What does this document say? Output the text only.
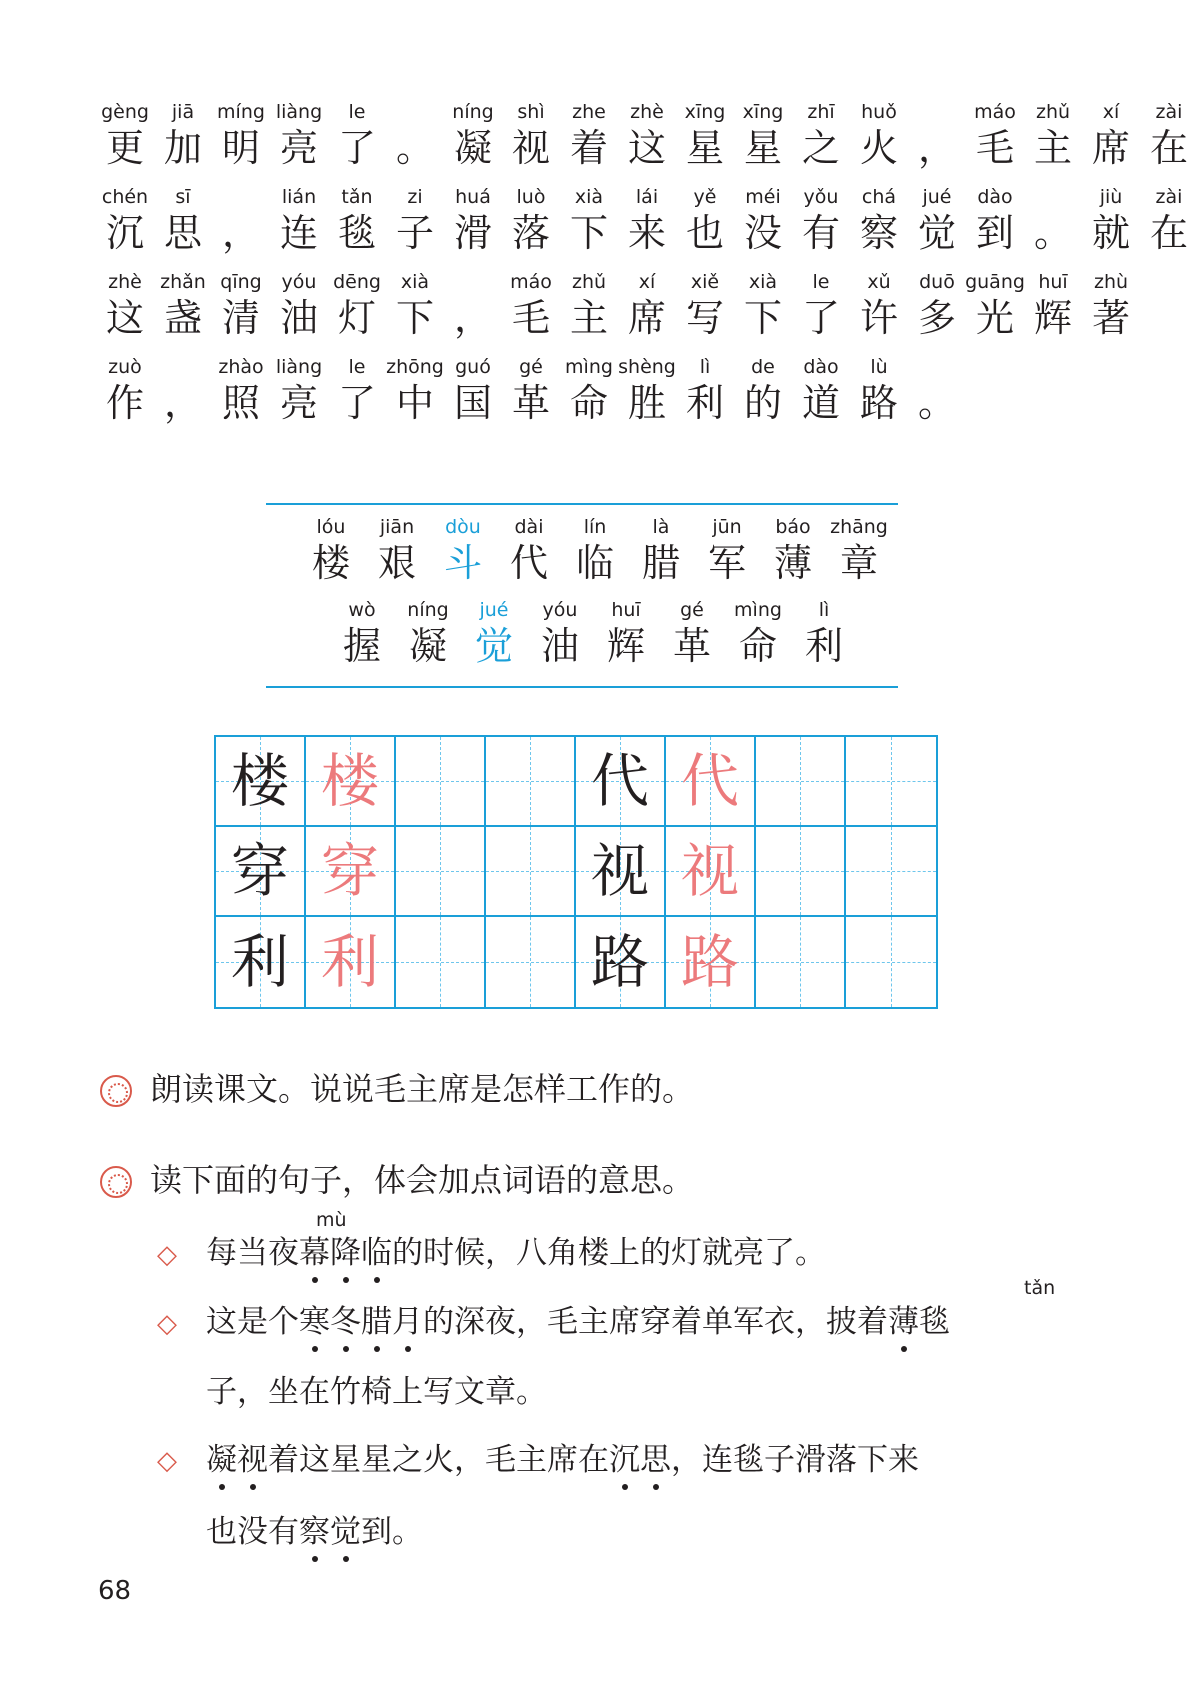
gèng
更
jiā
加
míng
明
liàng
亮
le
了 。
níng
凝
shì
视
zhe
着
zhè
这
xīng
星
xīng
星
zhī
之
huǒ
火 ，
máo
毛
zhǔ
主
xí
席
zài
在
chén
沉
sī
思 ，
lián
连
tǎn
毯
zi
子
huá
滑
luò
落
xià
下
lái
来
yě
也
méi
没
yǒu
有
chá
察
jué
觉
dào
到 。
jiù
就
zài
在
zhè
这
zhǎn
盏
qīng
清
yóu
油
dēng
灯
xià
下 ，
máo
毛
zhǔ
主
xí
席
xiě
写
xià
下
le
了
xǔ
许
duō
多
guāng
光
huī
辉
zhù
著
zuò
作 ，
zhào
照
liàng
亮
le
了
zhōng
中
guó
国
gé
革
mìng
命
shèng
胜
lì
利
de
的
dào
道
lù
路 。
lóu
楼
jiān
艰
dòu
斗
dài
代
lín
临
là
腊
jūn
军
báo
薄
zhāng
章
wò
握
níng
凝
jué
觉
yóu
油
huī
辉
gé
革
mìng
命
lì
利
楼 楼	代 代
穿 穿	视 视
利 利	路 路
朗读课文。说说毛主席是怎样工作的。
读下面的句子，体会加点词语的意思。
◇
mù
每当夜幕降临的时候，八角楼上的灯就亮了。
◇
tǎn
这是个寒冬腊月的深夜，毛主席穿着单军衣，披着薄毯
子，坐在竹椅上写文章。
◇ 凝视着这星星之火，毛主席在沉思，连毯子滑落下来
也没有察觉到。
68
